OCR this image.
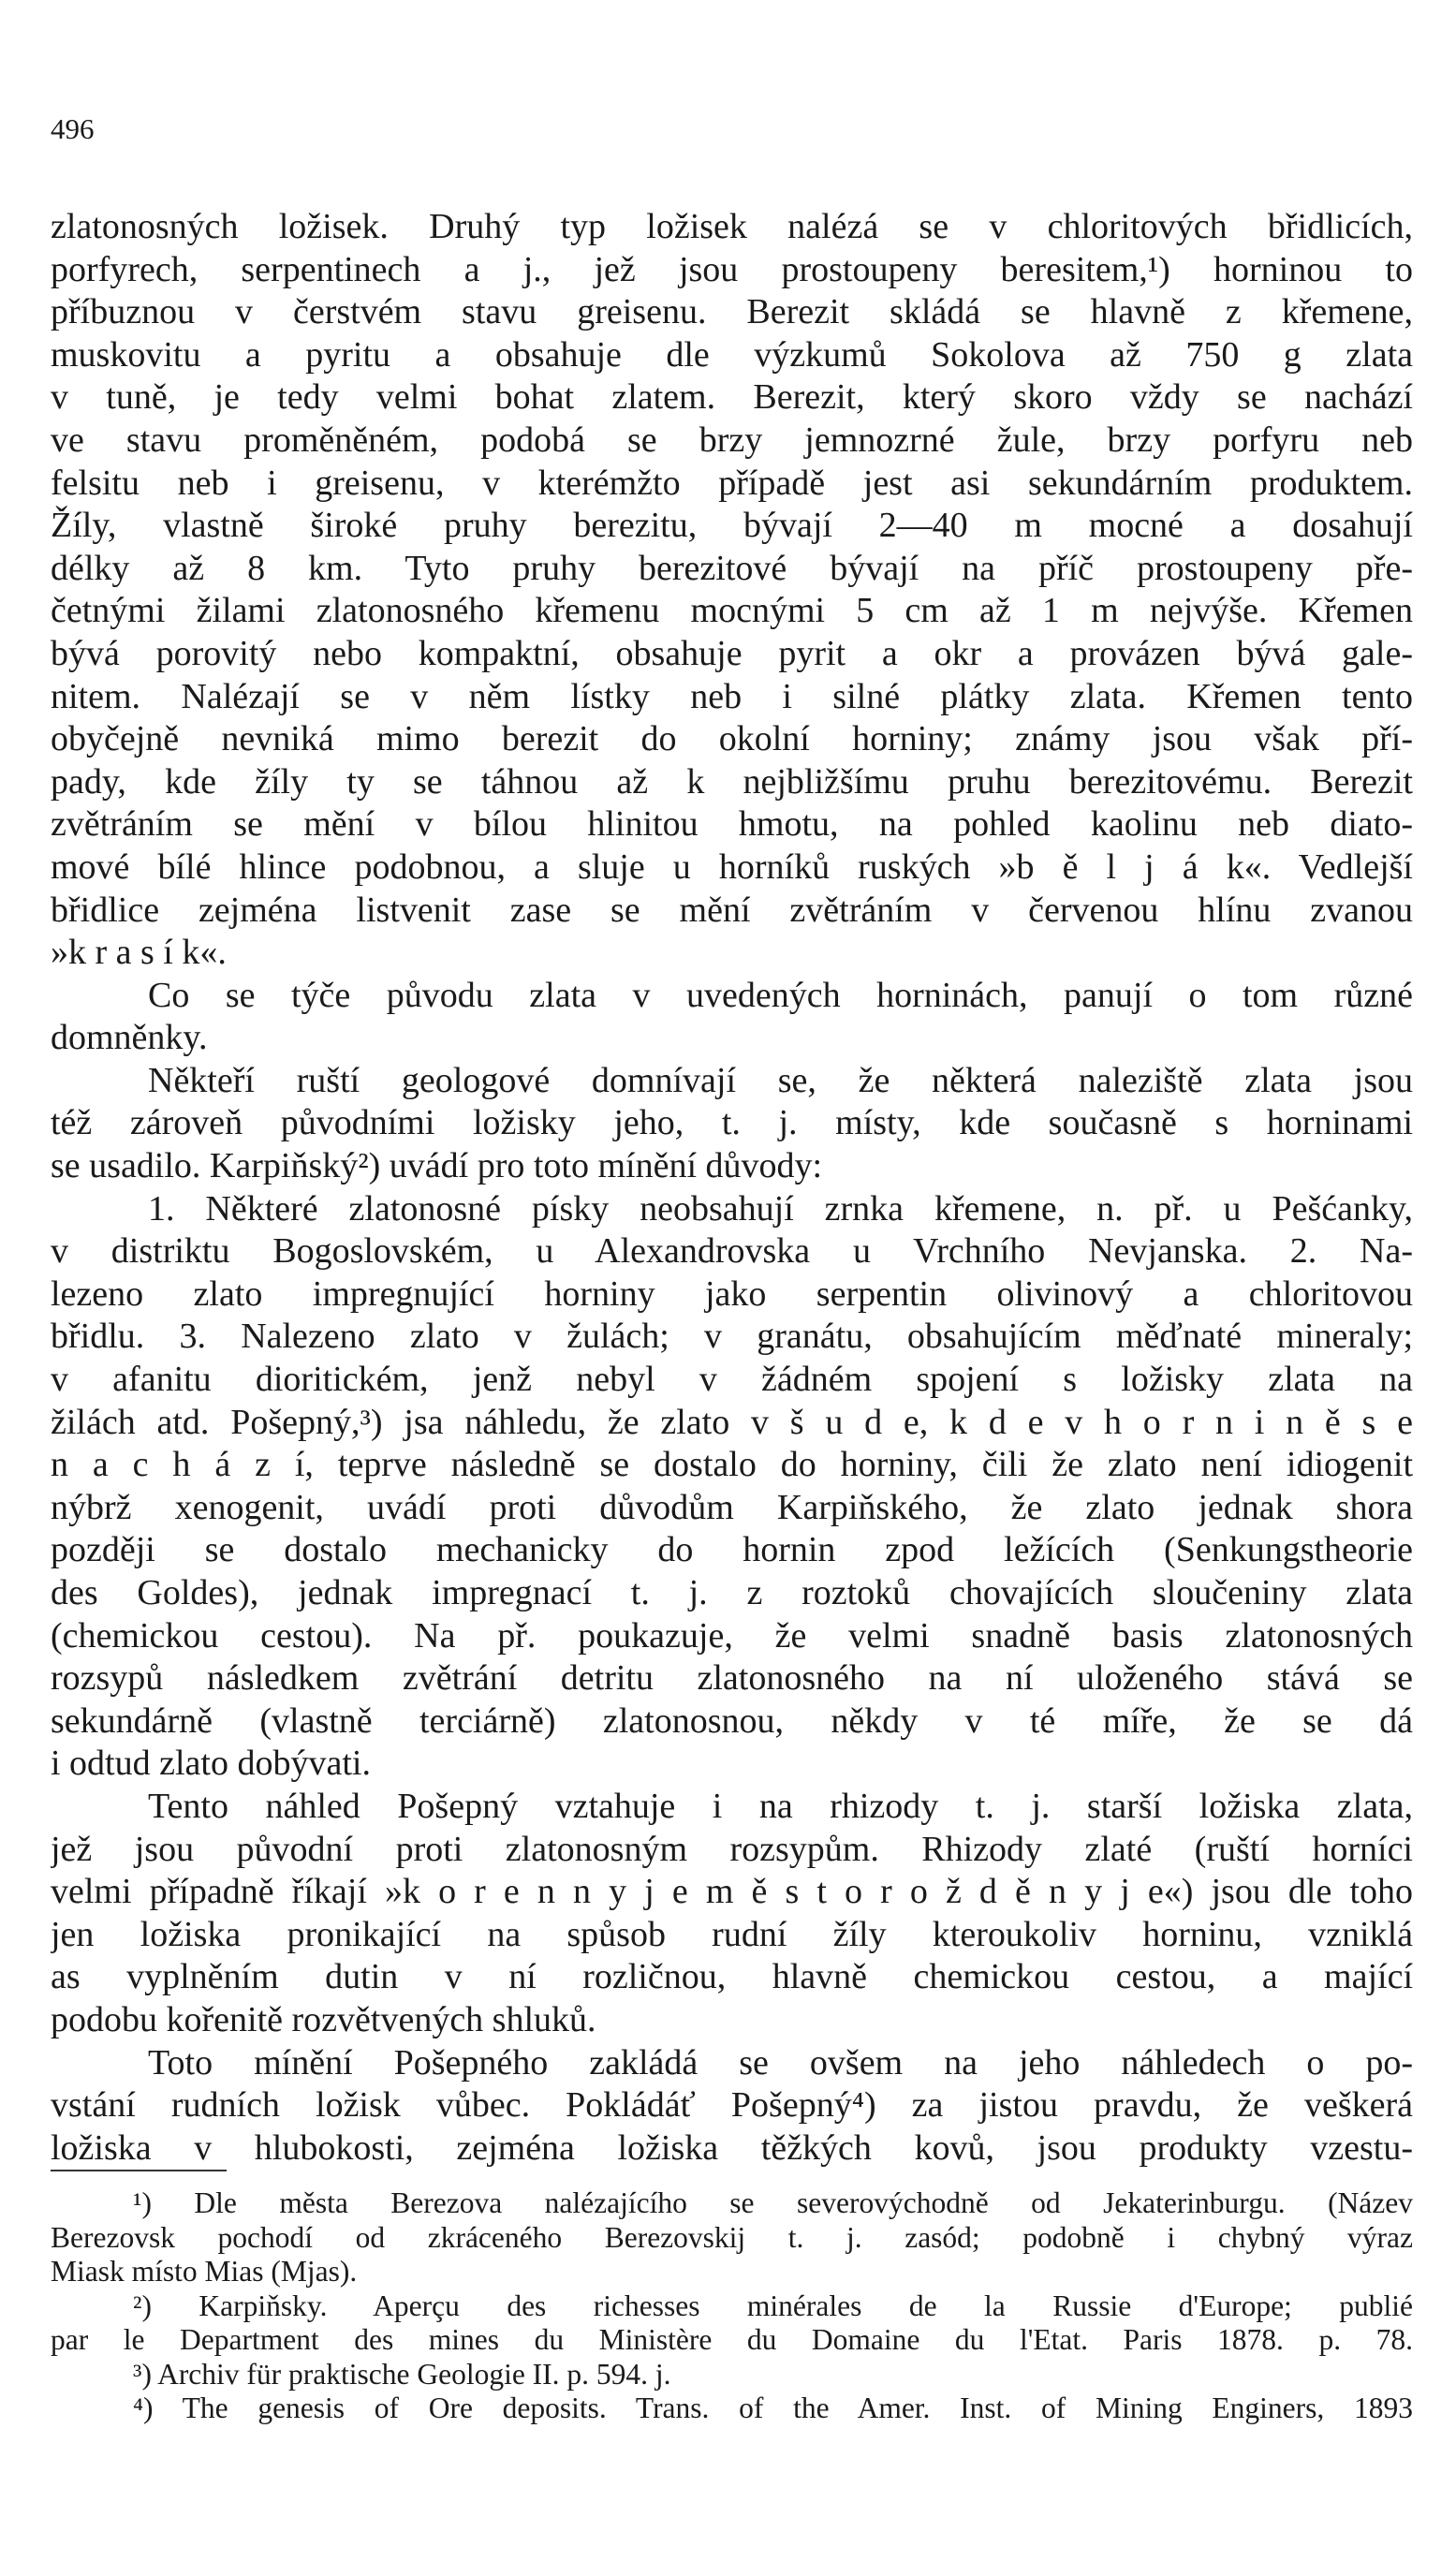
496
zlatonosných ložisek. Druhý typ ložisek nalézá se v chloritových břidlicích,
porfyrech, serpentinech a j., jež jsou prostoupeny beresitem,¹) horninou to
příbuznou v čerstvém stavu greisenu. Berezit skládá se hlavně z křemene,
muskovitu a pyritu a obsahuje dle výzkumů Sokolova až 750 g zlata
v tuně, je tedy velmi bohat zlatem. Berezit, který skoro vždy se nachází
ve stavu proměněném, podobá se brzy jemnozrné žule, brzy porfyru neb
felsitu neb i greisenu, v kterémžto případě jest asi sekundárním produktem.
Žíly, vlastně široké pruhy berezitu, bývají 2—40 m mocné a dosahují
délky až 8 km. Tyto pruhy berezitové bývají na příč prostoupeny pře-
četnými žilami zlatonosného křemenu mocnými 5 cm až 1 m nejvýše. Křemen
bývá porovitý nebo kompaktní, obsahuje pyrit a okr a provázen bývá gale-
nitem. Nalézají se v něm lístky neb i silné plátky zlata. Křemen tento
obyčejně nevniká mimo berezit do okolní horniny; známy jsou však pří-
pady, kde žíly ty se táhnou až k nejbližšímu pruhu berezitovému. Berezit
zvětráním se mění v bílou hlinitou hmotu, na pohled kaolinu neb diato-
mové bílé hlince podobnou, a sluje u horníků ruských »b ě l j á k«. Vedlejší
břidlice zejména listvenit zase se mění zvětráním v červenou hlínu zvanou
»k r a s í k«.
Co se týče původu zlata v uvedených horninách, panují o tom různé
domněnky.
Někteří ruští geologové domnívají se, že některá naleziště zlata jsou
též zároveň původními ložisky jeho, t. j. místy, kde současně s horninami
se usadilo. Karpiňský²) uvádí pro toto mínění důvody:
1. Některé zlatonosné písky neobsahují zrnka křemene, n. př. u Pešćanky,
v distriktu Bogoslovském, u Alexandrovska u Vrchního Nevjanska. 2. Na-
lezeno zlato impregnující horniny jako serpentin olivinový a chloritovou
břidlu. 3. Nalezeno zlato v žulách; v granátu, obsahujícím měďnaté mineraly;
v afanitu dioritickém, jenž nebyl v žádném spojení s ložisky zlata na
žilách atd. Pošepný,³) jsa náhledu, že zlato v š u d e, k d e v h o r n i n ě s e
n a c h á z í, teprve následně se dostalo do horniny, čili že zlato není idiogenit
nýbrž xenogenit, uvádí proti důvodům Karpiňského, že zlato jednak shora
později se dostalo mechanicky do hornin zpod ležících (Senkungstheorie
des Goldes), jednak impregnací t. j. z roztoků chovajících sloučeniny zlata
(chemickou cestou). Na př. poukazuje, že velmi snadně basis zlatonosných
rozsypů následkem zvětrání detritu zlatonosného na ní uloženého stává se
sekundárně (vlastně terciárně) zlatonosnou, někdy v té míře, že se dá
i odtud zlato dobývati.
Tento náhled Pošepný vztahuje i na rhizody t. j. starší ložiska zlata,
jež jsou původní proti zlatonosným rozsypům. Rhizody zlaté (ruští horníci
velmi případně říkají »k o r e n n y j e m ě s t o r o ž d ě n y j e«) jsou dle toho
jen ložiska pronikající na spůsob rudní žíly kteroukoliv horninu, vzniklá
as vyplněním dutin v ní rozličnou, hlavně chemickou cestou, a mající
podobu kořenitě rozvětvených shluků.
Toto mínění Pošepného zakládá se ovšem na jeho náhledech o po-
vstání rudních ložisk vůbec. Pokládáť Pošepný⁴) za jistou pravdu, že veškerá
ložiska v hlubokosti, zejména ložiska těžkých kovů, jsou produkty vzestu-
¹) Dle města Berezova nalézajícího se severovýchodně od Jekaterinburgu. (Název
Berezovsk pochodí od zkráceného Berezovskij t. j. zasód; podobně i chybný výraz
Miask místo Mias (Mjas).
²) Karpiňsky. Aperçu des richesses minérales de la Russie d'Europe; publié
par le Department des mines du Ministère du Domaine du l'Etat. Paris 1878. p. 78.
³) Archiv für praktische Geologie II. p. 594. j.
⁴) The genesis of Ore deposits. Trans. of the Amer. Inst. of Mining Enginers, 1893
